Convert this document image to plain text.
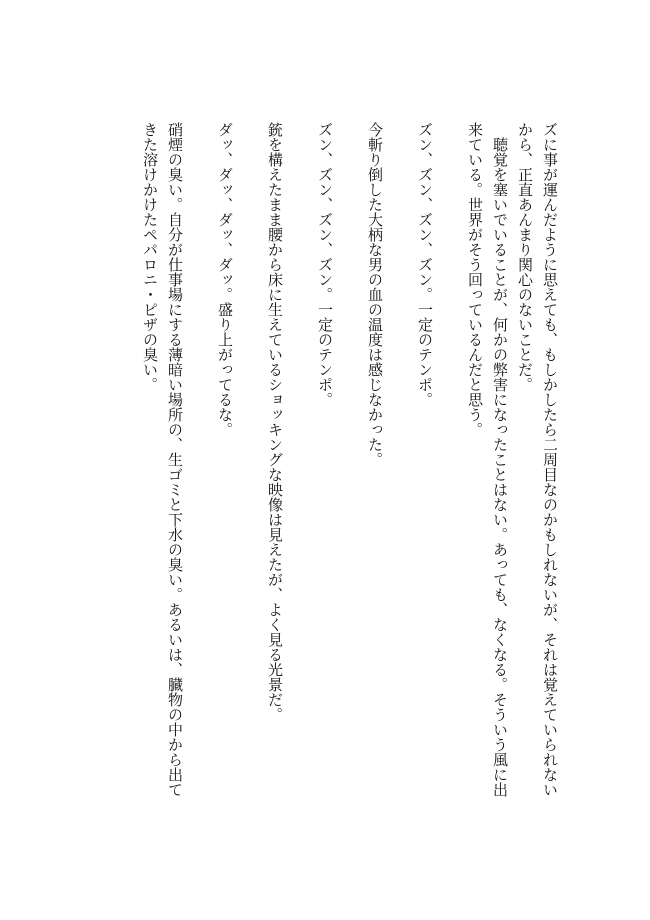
ズに事が運んだように思えても、もしかしたら二周目なのかもしれないが、それは覚えていられないから、正直あんまり関心のないことだ。

聴覚を塞いでいることが、何かの弊害になったことはない。あっても、なくなる。そういう風に出来ている。世界がそう回っているんだと思う。

ズン、ズン、ズン、ズン。一定のテンポ。

今斬り倒した大柄な男の血の温度は感じなかった。

ズン、ズン、ズン、ズン。一定のテンポ。

銃を構えたまま腰から床に生えているショッキングな映像は見えたが、よく見る光景だ。

ダッ、ダッ、ダッ、ダッ。盛り上がってるな。

硝煙の臭い。自分が仕事場にする薄暗い場所の、生ゴミと下水の臭い。あるいは、臓物の中から出てきた溶けかけたペパロニ・ピザの臭い。
